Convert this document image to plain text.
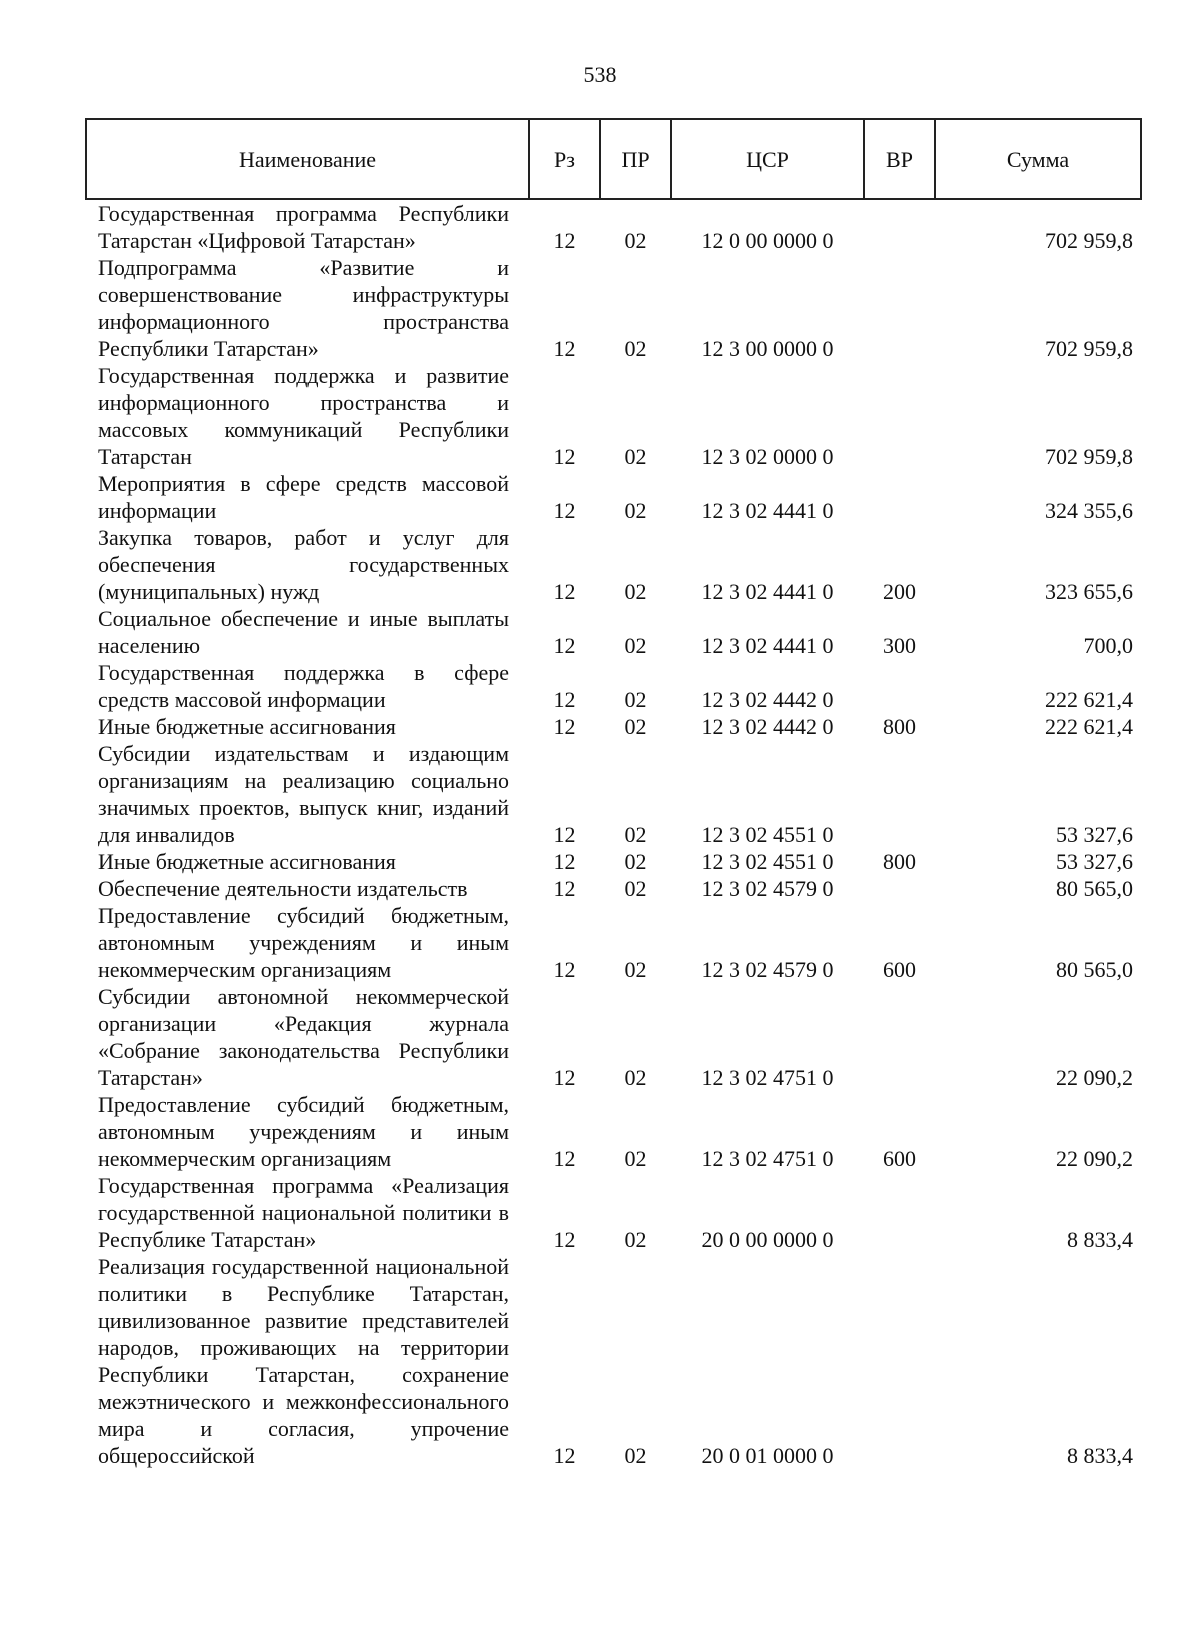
538
Наименование	Рз	ПР	ЦСР	ВР	Сумма
Государственная программа Республики Татарстан «Цифровой Татарстан»	12	02	12 0 00 0000 0		702 959,8
Подпрограмма «Развитие и совершенствование инфраструктуры информационного пространства Республики Татарстан»	12	02	12 3 00 0000 0		702 959,8
Государственная поддержка и развитие информационного пространства и массовых коммуникаций Республики Татарстан	12	02	12 3 02 0000 0		702 959,8
Мероприятия в сфере средств массовой информации	12	02	12 3 02 4441 0		324 355,6
Закупка товаров, работ и услуг для обеспечения государственных (муниципальных) нужд	12	02	12 3 02 4441 0	200	323 655,6
Социальное обеспечение и иные выплаты населению	12	02	12 3 02 4441 0	300	700,0
Государственная поддержка в сфере средств массовой информации	12	02	12 3 02 4442 0		222 621,4
Иные бюджетные ассигнования	12	02	12 3 02 4442 0	800	222 621,4
Субсидии издательствам и издающим организациям на реализацию социально значимых проектов, выпуск книг, изданий для инвалидов	12	02	12 3 02 4551 0		53 327,6
Иные бюджетные ассигнования	12	02	12 3 02 4551 0	800	53 327,6
Обеспечение деятельности издательств	12	02	12 3 02 4579 0		80 565,0
Предоставление субсидий бюджетным, автономным учреждениям и иным некоммерческим организациям	12	02	12 3 02 4579 0	600	80 565,0
Субсидии автономной некоммерческой организации «Редакция журнала «Собрание законодательства Республики Татарстан»	12	02	12 3 02 4751 0		22 090,2
Предоставление субсидий бюджетным, автономным учреждениям и иным некоммерческим организациям	12	02	12 3 02 4751 0	600	22 090,2
Государственная программа «Реализация государственной национальной политики в Республике Татарстан»	12	02	20 0 00 0000 0		8 833,4
Реализация государственной национальной политики в Республике Татарстан, цивилизованное развитие представителей народов, проживающих на территории Республики Татарстан, сохранение межэтнического и межконфессионального мира и согласия, упрочение общероссийской	12	02	20 0 01 0000 0		8 833,4
